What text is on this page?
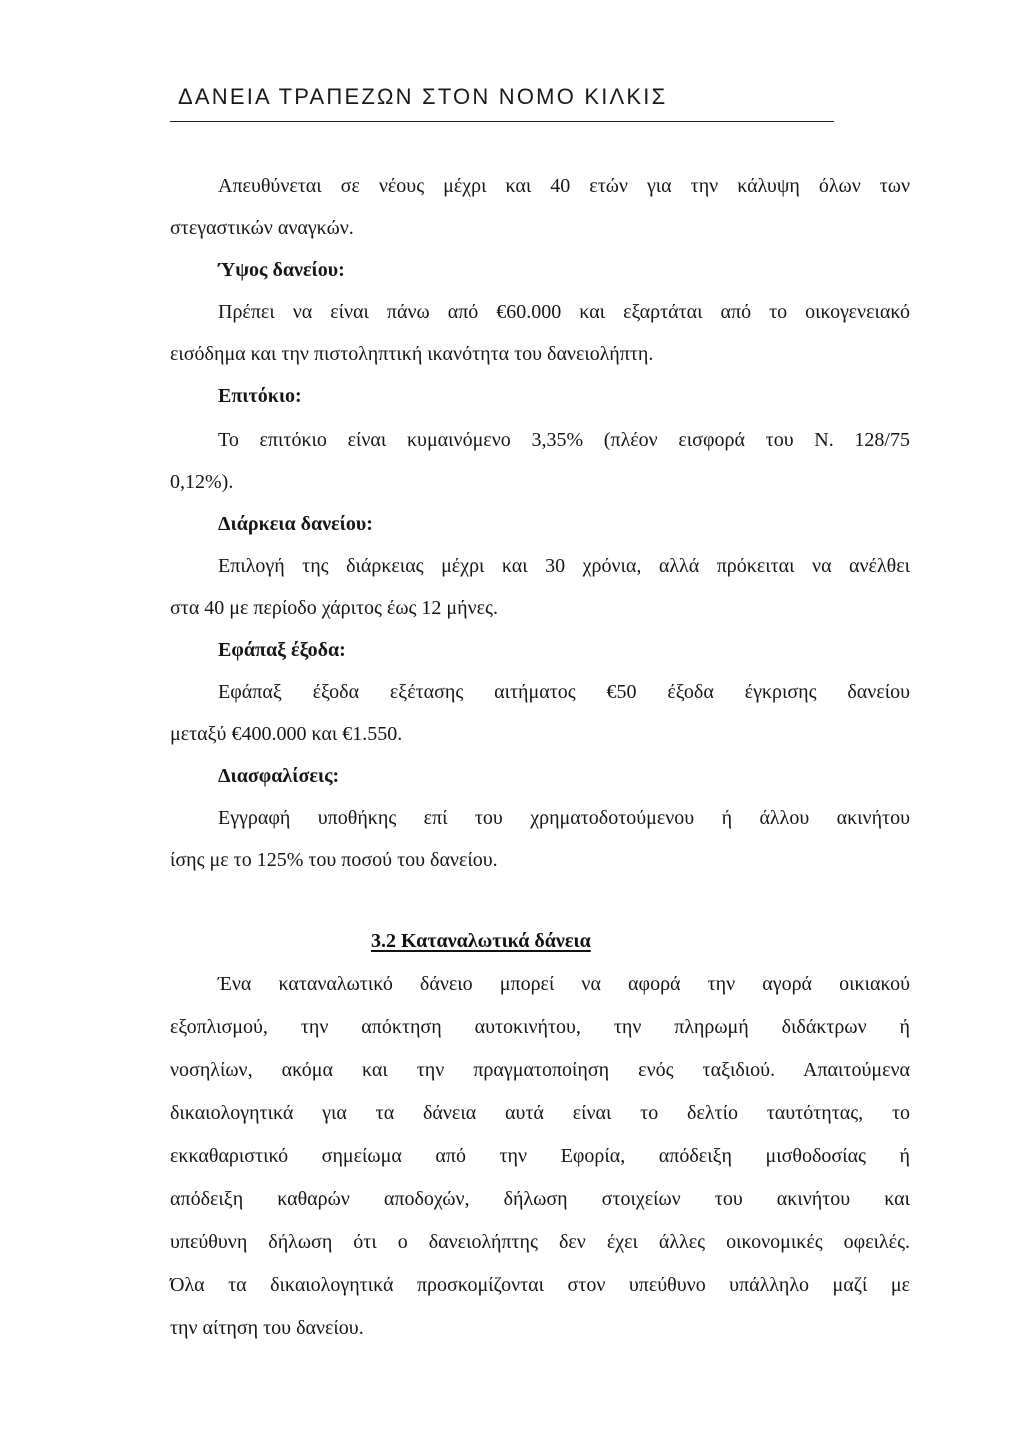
ΔΑΝΕΙΑ ΤΡΑΠΕΖΩΝ ΣΤΟΝ ΝΟΜΟ ΚΙΛΚΙΣ
Απευθύνεται σε νέους μέχρι και 40 ετών για την κάλυψη όλων των
στεγαστικών αναγκών.
Ύψος δανείου:
Πρέπει να είναι πάνω από €60.000 και εξαρτάται από το οικογενειακό
εισόδημα και την πιστοληπτική ικανότητα του δανειολήπτη.
Επιτόκιο:
Το επιτόκιο είναι κυμαινόμενο 3,35% (πλέον εισφορά του Ν. 128/75
0,12%).
Διάρκεια δανείου:
Επιλογή της διάρκειας μέχρι και 30 χρόνια, αλλά πρόκειται να ανέλθει
στα 40 με περίοδο χάριτος έως 12 μήνες.
Εφάπαξ έξοδα:
Εφάπαξ έξοδα εξέτασης αιτήματος €50 έξοδα έγκρισης δανείου
μεταξύ €400.000 και €1.550.
Διασφαλίσεις:
Εγγραφή υποθήκης επί του χρηματοδοτούμενου ή άλλου ακινήτου
ίσης με το 125% του ποσού του δανείου.
3.2 Καταναλωτικά δάνεια
Ένα καταναλωτικό δάνειο μπορεί να αφορά την αγορά οικιακού
εξοπλισμού, την απόκτηση αυτοκινήτου, την πληρωμή διδάκτρων ή
νοσηλίων, ακόμα και την πραγματοποίηση ενός ταξιδιού. Απαιτούμενα
δικαιολογητικά για τα δάνεια αυτά είναι το δελτίο ταυτότητας, το
εκκαθαριστικό σημείωμα από την Εφορία, απόδειξη μισθοδοσίας ή
απόδειξη καθαρών αποδοχών, δήλωση στοιχείων του ακινήτου και
υπεύθυνη δήλωση ότι ο δανειολήπτης δεν έχει άλλες οικονομικές οφειλές.
Όλα τα δικαιολογητικά προσκομίζονται στον υπεύθυνο υπάλληλο μαζί με
την αίτηση του δανείου.
